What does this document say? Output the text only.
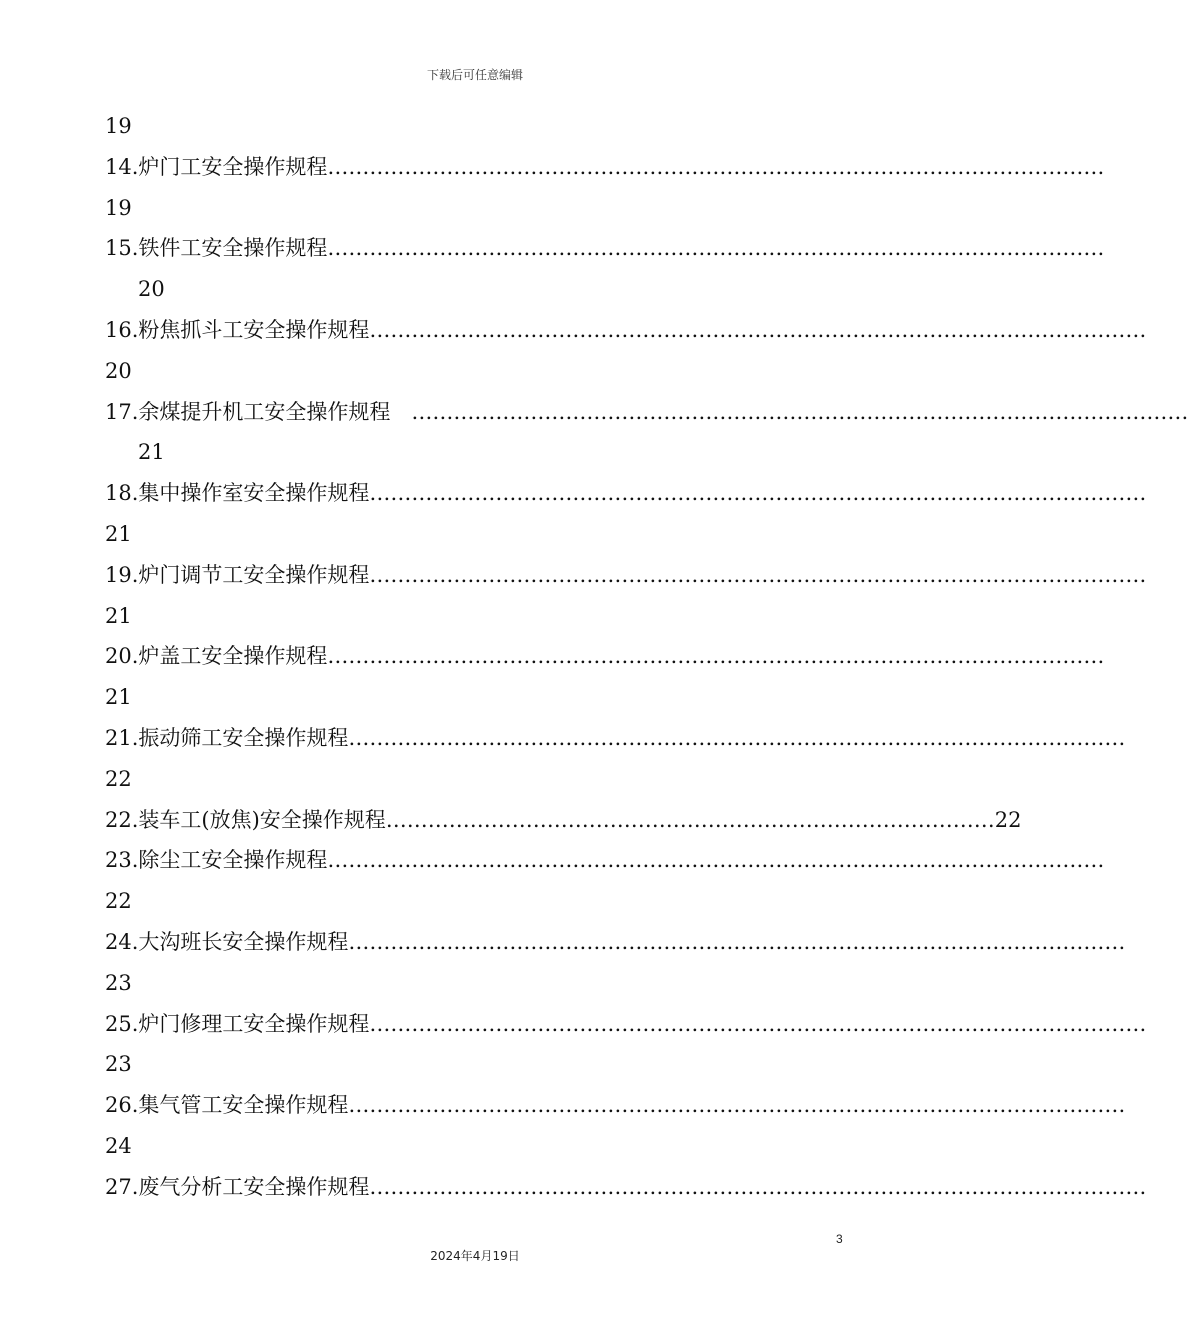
下载后可任意编辑
19
14.炉门工安全操作规程 …………………………………………………………………………………………………
19
15.铁件工安全操作规程 …………………………………………………………………………………………………
20
16.粉焦抓斗工安全操作规程 …………………………………………………………………………………………………
20
17.余煤提升机工安全操作规程　 …………………………………………………………………………………………………
21
18.集中操作室安全操作规程 …………………………………………………………………………………………………
21
19.炉门调节工安全操作规程 …………………………………………………………………………………………………
21
20.炉盖工安全操作规程 …………………………………………………………………………………………………
21
21.振动筛工安全操作规程 …………………………………………………………………………………………………
22
22.装车工(放焦)安全操作规程 …………………………………………………………………………… 22
23.除尘工安全操作规程 …………………………………………………………………………………………………
22
24.大沟班长安全操作规程 …………………………………………………………………………………………………
23
25.炉门修理工安全操作规程 …………………………………………………………………………………………………
23
26.集气管工安全操作规程 …………………………………………………………………………………………………
24
27.废气分析工安全操作规程 …………………………………………………………………………………………………
3
2024年4月19日
